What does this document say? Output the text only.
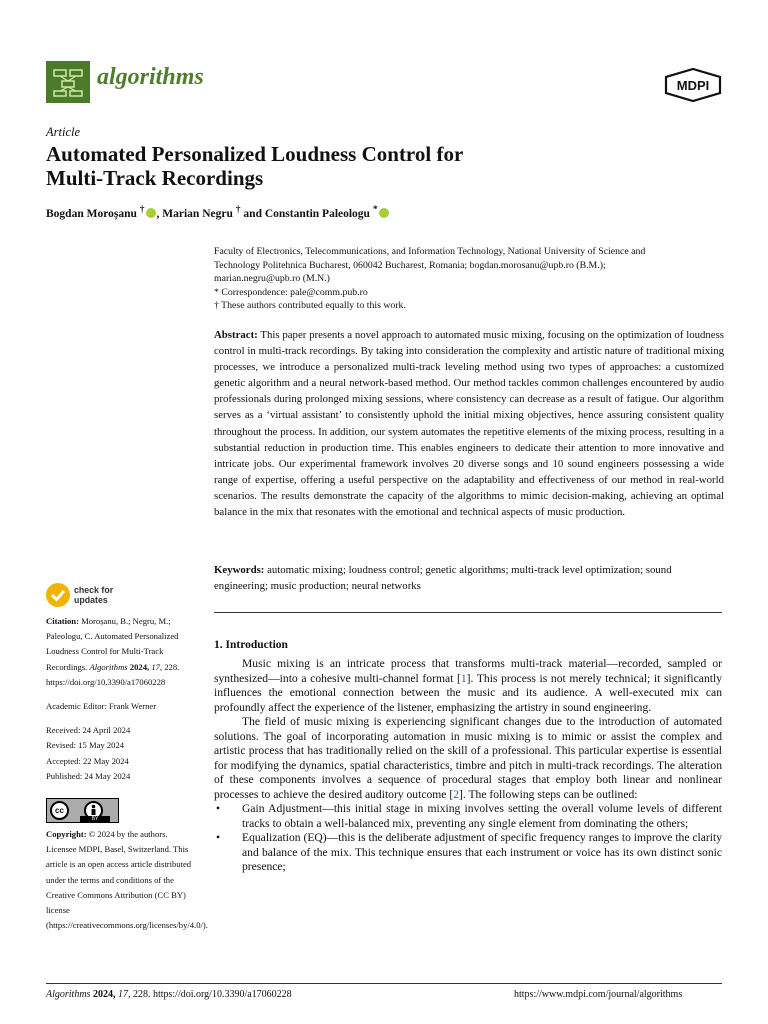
algorithms	MDPI
Article
Automated Personalized Loudness Control for
Multi-Track Recordings
Bogdan Moroșanu † , Marian Negru † and Constantin Paleologu *

Faculty of Electronics, Telecommunications, and Information Technology, National University of Science and

Technology Politehnica Bucharest, 060042 Bucharest, Romania; bogdan.morosanu@upb.ro (B.M.);

marian.negru@upb.ro (M.N.)

* Correspondence: pale@comm.pub.ro

† These authors contributed equally to this work.

Abstract: This paper presents a novel approach to automated music mixing, focusing on the optimization of loudness control in multi-track recordings. By taking into consideration the complexity and artistic nature of traditional mixing processes, we introduce a personalized multi-track leveling method using two types of approaches: a customized genetic algorithm and a neural network-based method. Our method tackles common challenges encountered by audio professionals during prolonged mixing sessions, where consistency can decrease as a result of fatigue. Our algorithm serves as a ‘virtual assistant’ to consistently uphold the initial mixing objectives, hence assuring consistent quality throughout the process. In addition, our system automates the repetitive elements of the mixing process, resulting in a substantial reduction in production time. This enables engineers to dedicate their attention to more innovative and intricate jobs. Our experimental framework involves 20 diverse songs and 10 sound engineers possessing a wide range of expertise, offering a useful perspective on the adaptability and effectiveness of our method in real-world scenarios. The results demonstrate the capacity of the algorithms to mimic decision-making, achieving an optimal balance in the mix that resonates with the emotional and technical aspects of music production.
Keywords: automatic mixing; loudness control; genetic algorithms; multi-track level optimization; sound engineering; music production; neural networks
check for
updates

Citation: Moroșanu, B.; Negru, M.; Paleologu, C. Automated Personalized Loudness Control for Multi-Track Recordings. Algorithms 2024, 17, 228. https://doi.org/10.3390/a17060228

Academic Editor: Frank Werner

Received: 24 April 2024

Revised: 15 May 2024

Accepted: 22 May 2024

Published: 24 May 2024

cc
BY
Copyright: © 2024 by the authors. Licensee MDPI, Basel, Switzerland. This article is an open access article distributed under the terms and conditions of the Creative Commons Attribution (CC BY) license (https://creativecommons.org/licenses/by/4.0/).
1. Introduction

Music mixing is an intricate process that transforms multi-track material—recorded, sampled or synthesized—into a cohesive multi-channel format [1]. This process is not merely technical; it significantly influences the emotional connection between the music and its audience. A well-executed mix can profoundly affect the experience of the listener, emphasizing the artistry in sound engineering.

The field of music mixing is experiencing significant changes due to the introduction of automated solutions. The goal of incorporating automation in music mixing is to mimic or assist the complex and artistic process that has traditionally relied on the skill of a professional. This particular expertise is essential for modifying the dynamics, spatial characteristics, timbre and pitch in multi-track recordings. The alteration of these components involves a sequence of procedural stages that employ both linear and nonlinear processes to achieve the desired auditory outcome [2]. The following steps can be outlined:

• Gain Adjustment—this initial stage in mixing involves setting the overall volume levels of different tracks to obtain a well-balanced mix, preventing any single element from dominating the others;
• Equalization (EQ)—this is the deliberate adjustment of specific frequency ranges to improve the clarity and balance of the mix. This technique ensures that each instrument or voice has its own distinct sonic presence;
Algorithms 2024, 17, 228. https://doi.org/10.3390/a17060228	https://www.mdpi.com/journal/algorithms
